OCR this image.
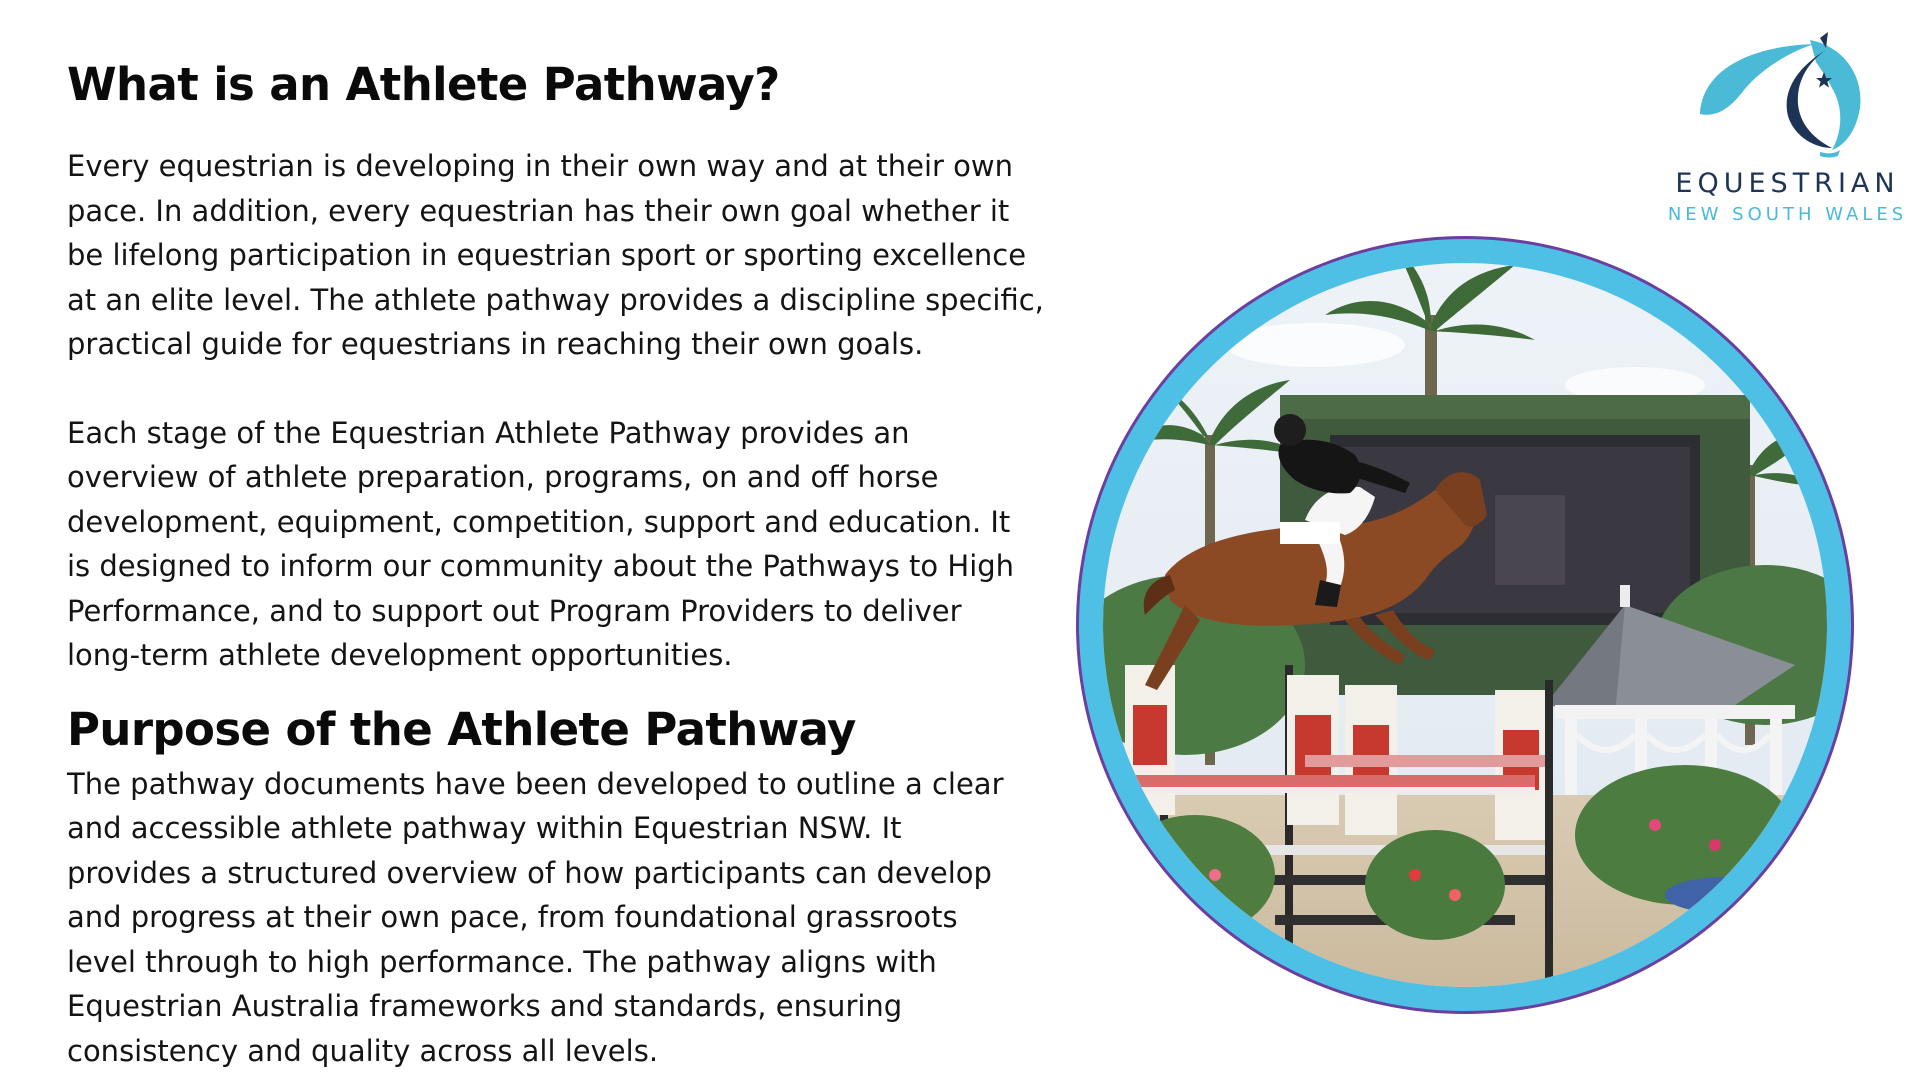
What is an Athlete Pathway?

Every equestrian is developing in their own way and at their own
pace. In addition, every equestrian has their own goal whether it
be lifelong participation in equestrian sport or sporting excellence
at an elite level. The athlete pathway provides a discipline specific,
practical guide for equestrians in reaching their own goals.

Each stage of the Equestrian Athlete Pathway provides an
overview of athlete preparation, programs, on and off horse
development, equipment, competition, support and education. It
is designed to inform our community about the Pathways to High
Performance, and to support out Program Providers to deliver
long-term athlete development opportunities.

Purpose of the Athlete Pathway

The pathway documents have been developed to outline a clear
and accessible athlete pathway within Equestrian NSW. It
provides a structured overview of how participants can develop
and progress at their own pace, from foundational grassroots
level through to high performance. The pathway aligns with
Equestrian Australia frameworks and standards, ensuring
consistency and quality across all levels.

EQUESTRIAN
NEW SOUTH WALES
